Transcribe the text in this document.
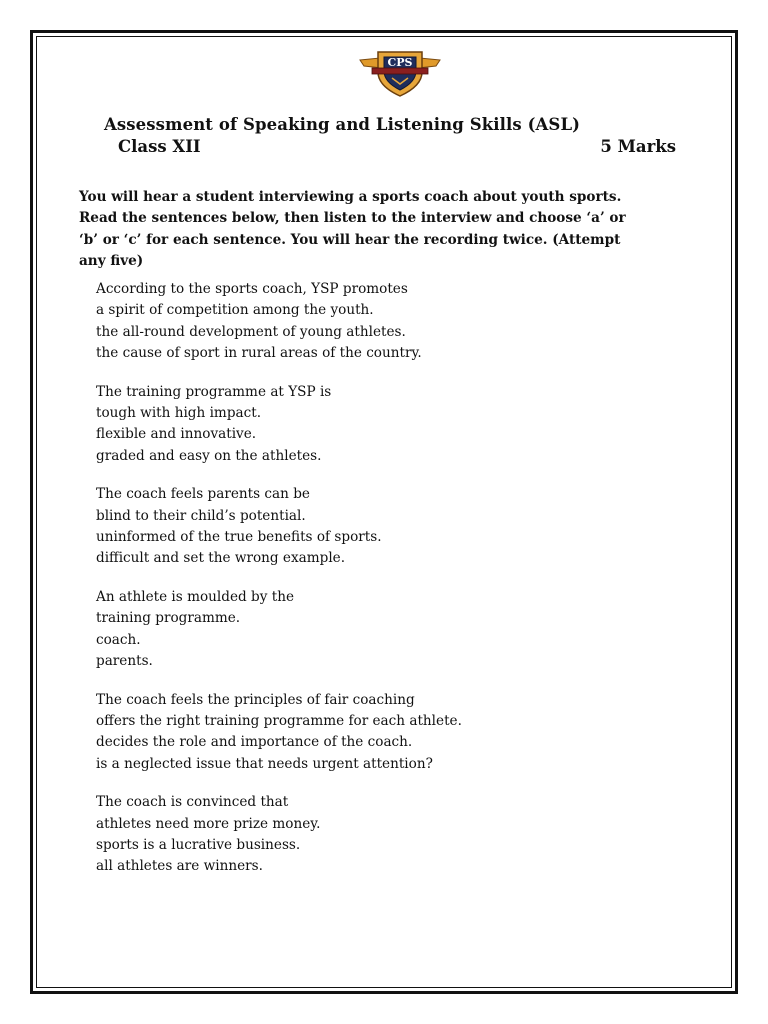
CPS
Assessment of Speaking and Listening Skills (ASL)
Class XII	5 Marks

You will hear a student interviewing a sports coach about youth sports.
Read the sentences below, then listen to the interview and choose ‘a’ or
‘b’ or ‘c’ for each sentence. You will hear the recording twice. (Attempt
any five)

According to the sports coach, YSP promotes
a spirit of competition among the youth.
the all-round development of young athletes.
the cause of sport in rural areas of the country.
The training programme at YSP is
tough with high impact.
flexible and innovative.
graded and easy on the athletes.
The coach feels parents can be
blind to their child’s potential.
uninformed of the true benefits of sports.
difficult and set the wrong example.
An athlete is moulded by the
training programme.
coach.
parents.
The coach feels the principles of fair coaching
offers the right training programme for each athlete.
decides the role and importance of the coach.
is a neglected issue that needs urgent attention?
The coach is convinced that
athletes need more prize money.
sports is a lucrative business.
all athletes are winners.
